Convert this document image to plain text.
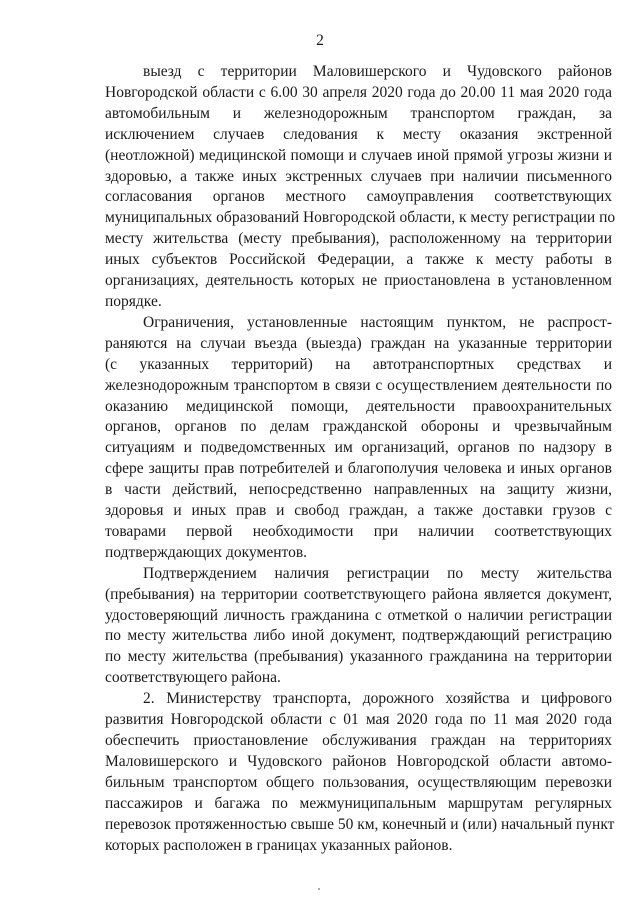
2

выезд с территории Маловишерского и Чудовского районов
Новгородской области с 6.00 30 апреля 2020 года до 20.00 11 мая 2020 года
автомобильным и железнодорожным транспортом граждан, за
исключением случаев следования к месту оказания экстренной
(неотложной) медицинской помощи и случаев иной прямой угрозы жизни и
здоровью, а также иных экстренных случаев при наличии письменного
согласования органов местного самоуправления соответствующих
муниципальных образований Новгородской области, к месту регистрации по
месту жительства (месту пребывания), расположенному на территории
иных субъектов Российской Федерации, а также к месту работы в
организациях, деятельность которых не приостановлена в установленном
порядке.

Ограничения, установленные настоящим пунктом, не распрост-
раняются на случаи въезда (выезда) граждан на указанные территории
(с указанных территорий) на автотранспортных средствах и
железнодорожным транспортом в связи с осуществлением деятельности по
оказанию медицинской помощи, деятельности правоохранительных
органов, органов по делам гражданской обороны и чрезвычайным
ситуациям и подведомственных им организаций, органов по надзору в
сфере защиты прав потребителей и благополучия человека и иных органов
в части действий, непосредственно направленных на защиту жизни,
здоровья и иных прав и свобод граждан, а также доставки грузов с
товарами первой необходимости при наличии соответствующих
подтверждающих документов.

Подтверждением наличия регистрации по месту жительства
(пребывания) на территории соответствующего района является документ,
удостоверяющий личность гражданина с отметкой о наличии регистрации
по месту жительства либо иной документ, подтверждающий регистрацию
по месту жительства (пребывания) указанного гражданина на территории
соответствующего района.

2. Министерству транспорта, дорожного хозяйства и цифрового
развития Новгородской области с 01 мая 2020 года по 11 мая 2020 года
обеспечить приостановление обслуживания граждан на территориях
Маловишерского и Чудовского районов Новгородской области автомо-
бильным транспортом общего пользования, осуществляющим перевозки
пассажиров и багажа по межмуниципальным маршрутам регулярных
перевозок протяженностью свыше 50 км, конечный и (или) начальный пункт
которых расположен в границах указанных районов.
